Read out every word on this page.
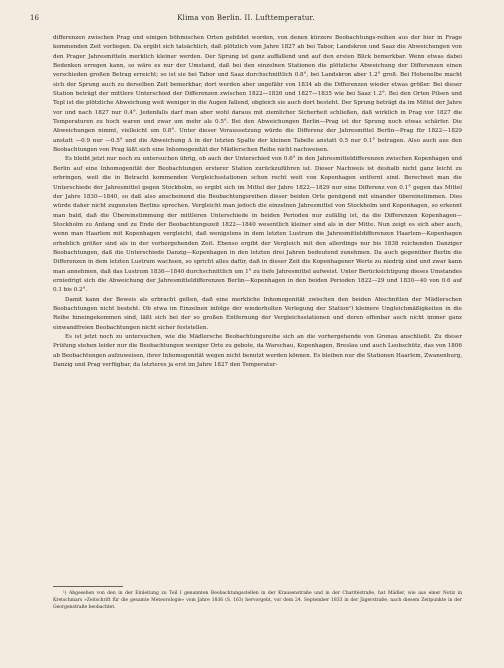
16	Klima von Berlin. II. Lufttemperatur.

differenzen zwischen Prag und einigen böhmischen Orten gebildet worden, von denen kürzere Beobachtungs-reihen aus der hier in Frage kommenden Zeit vorliegen. Da ergibt sich tatsächlich, daß plötzlich vom Jahre 1827 ab bei Tabor, Landskron und Saaz die Abweichungen von den Prager Jahresmitteln merklich kleiner werden. Der Sprung ist ganz auffallend und auf den ersten Blick bemerkbar. Wenn etwas dabei Bedenken erregen kann, so wäre es nur der Umstand, daß bei den einzelnen Stationen die plötzliche Abweichung der Differenzen einen verschieden großen Betrag erreicht; so ist sie bei Tabor und Saaz durchschnittlich 0.8°, bei Landskron aber 1.2° groß. Bei Hohenelbe macht sich der Sprung auch zu derselben Zeit bemerkbar, dort werden aber ungefähr von 1834 ab die Differenzen wieder etwas größer. Bei dieser Station beträgt der mittlere Unterschied der Differenzen zwischen 1822—1826 und 1827—1835 wie bei Saaz 1.2°. Bei den Orten Pilsen und Tepl ist die plötzliche Abweichung weit weniger in die Augen fallend, obgleich sie auch dort besteht. Der Sprung beträgt da im Mittel der Jahre vor und nach 1827 nur 0.4°. Jedenfalls darf man aber wohl daraus mit ziemlicher Sicherheit schließen, daß wirklich in Prag vor 1827 die Temperaturen zu hoch waren und zwar um mehr als 0.5°. Bei den Abweichungen Berlin—Prag ist der Sprung noch etwas schärfer. Die Abweichungen nimmt, vielleicht um 0.8°. Unter dieser Voraussetzung würde die Differenz der Jahresmittel Berlin—Prag für 1822—1829 anstatt —0.9 nur —0.5° und die Abweichung Δ in der letzten Spalte der kleinen Tabelle anstatt 0.5 nur 0.1° betragen. Also auch aus den Beobachtungen von Prag läßt sich eine Inhomogenität der Mädlerschen Reihe nicht nachweisen.

Es bleibt jetzt nur noch zu untersuchen übrig, ob auch der Unterschied von 0.6° in den Jahresmitteldifferenzen zwischen Kopenhagen und Berlin auf eine Inhomogenität der Beobachtungen ersterer Station zurückzuführen ist. Dieser Nachweis ist deshalb nicht ganz leicht zu erbringen, weil die in Betracht kommenden Vergleichsstationen schon recht weit von Kopenhagen entfernt sind. Berechnet man die Unterschiede der Jahresmittel gegen Stockholm, so ergibt sich im Mittel der Jahre 1822—1829 nur eine Differenz von 0.1° gegen das Mittel der Jahre 1830—1840, so daß also anscheinend die Beobachtungsreihen dieser beiden Orte genügend mit einander übereinstimmen. Dies würde daher nicht zugunsten Berlins sprechen. Vergleicht man jedoch die einzelnen Jahresmittel von Stockholm und Kopenhagen, so erkennt man bald, daß die Übereinstimmung der mittleren Unterschiede in beiden Perioden nur zufällig ist, da die Differenzen Kopenhagen—Stockholm zu Anfang und zu Ende der Beobachtungszeit 1822—1840 wesentlich kleiner sind als in der Mitte. Nun zeigt es sich aber auch, wenn man Haarlem mit Kopenhagen vergleicht, daß wenigstens in dem letzten Lustrum die Jahresmitteldifferenzen Haarlem—Kopenhagen erheblich größer sind als in der vorhergehenden Zeit. Ebenso ergibt der Vergleich mit den allerdings nur bis 1838 reichenden Danziger Beobachtungen, daß die Unterschiede Danzig—Kopenhagen in den letzten drei Jahren bedeutend zunehmen. Da auch gegenüber Berlin die Differenzen in dem letzten Lustrum wachsen, so spricht alles dafür, daß in dieser Zeit die Kopenhagener Werte zu niedrig sind und zwar kann man annehmen, daß das Lustrum 1836—1840 durchschnittlich um 1° zu tiefe Jahresmittel aufweist. Unter Berücksichtigung dieses Umstandes erniedrigt sich die Abweichung der Jahresmitteldifferenzen Berlin—Kopenhagen in den beiden Perioden 1822—29 und 1830—40 von 0.6 auf 0.1 bis 0.2°.

Damit kann der Beweis als erbracht gelten, daß eine merkliche Inhomogenität zwischen den beiden Abschnitten der Mädlerschen Beobachtungen nicht besteht. Ob etwa im Einzelnen infolge der wiederholten Verlegung der Station¹) kleinere Ungleichmäßigkeiten in die Reihe hineingekommen sind, läßt sich bei der so großen Entfernung der Vergleichsstationen und deren offenbar auch nicht immer ganz einwandfreien Beobachtungen nicht sicher feststellen.

Es ist jetzt noch zu untersuchen, wie die Mädlersche Beobachtungsreihe sich an die vorhergehende von Gronau anschließt. Zu dieser Prüfung stehen leider nur die Beobachtungen weniger Orte zu gebote, da Warschau, Kopenhagen, Breslau und auch Leobschütz, das von 1806 ab Beobachtungen aufzuweisen, ihrer Inhomogenität wegen nicht benutzt werden können. Es bleiben nur die Stationen Haarlem, Zwanenburg, Danzig und Prag verfügbar, da letzteres ja erst im Jahre 1827 den Temperatur-

¹) Abgesehen von den in der Einleitung zu Teil I genannten Beobachtungsstellen in der Krausenstraße und in der Charitéstraße, hat Mädler, wie aus einer Notiz in Kretschmars »Zeitschrift für die gesamte Meteorologie« vom Jahre 1836 (S. 163) hervorgeht, vor dem 24. September 1833 in der Jägerstraße, nach diesem Zeitpunkte in der Georgenstraße beobachtet.
